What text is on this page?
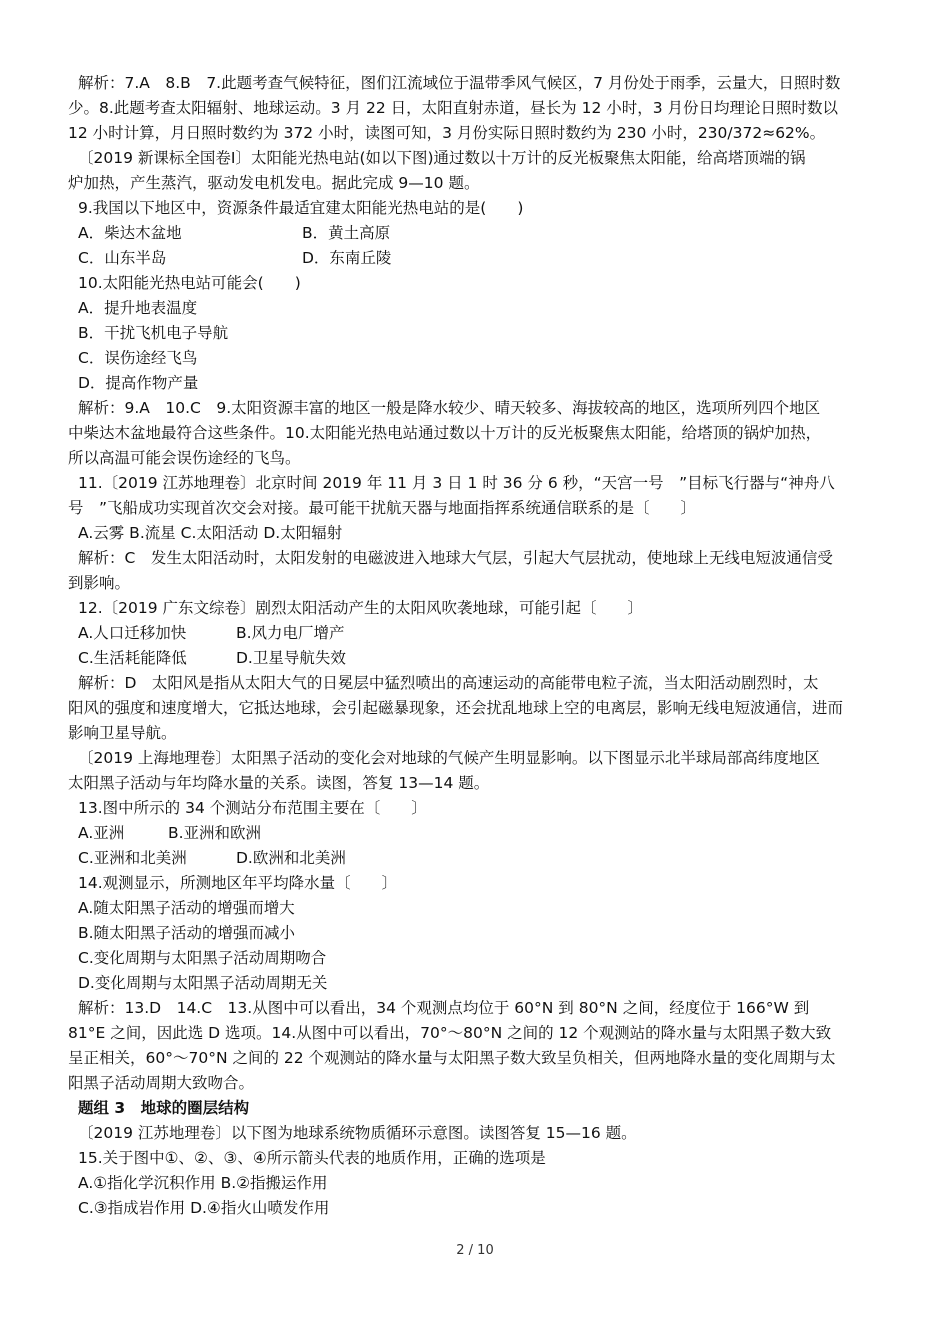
解析：7.A　8.B　7.此题考查气候特征，图们江流域位于温带季风气候区，7 月份处于雨季，云量大，日照时数
少。8.此题考查太阳辐射、地球运动。3 月 22 日，太阳直射赤道，昼长为 12 小时，3 月份日均理论日照时数以
12 小时计算，月日照时数约为 372 小时，读图可知，3 月份实际日照时数约为 230 小时，230/372≈62%。
〔2019 新课标全国卷Ⅰ〕太阳能光热电站(如以下图)通过数以十万计的反光板聚焦太阳能，给高塔顶端的锅
炉加热，产生蒸汽，驱动发电机发电。据此完成 9—10 题。
9.我国以下地区中，资源条件最适宜建太阳能光热电站的是(　　)
A．柴达木盆地	B．黄土高原
C．山东半岛	D．东南丘陵
10.太阳能光热电站可能会(　　)
A．提升地表温度
B．干扰飞机电子导航
C．误伤途经飞鸟
D．提高作物产量
解析：9.A　10.C　9.太阳资源丰富的地区一般是降水较少、晴天较多、海拔较高的地区，选项所列四个地区
中柴达木盆地最符合这些条件。10.太阳能光热电站通过数以十万计的反光板聚焦太阳能，给塔顶的锅炉加热，
所以高温可能会误伤途经的飞鸟。
11.〔2019 江苏地理卷〕北京时间 2019 年 11 月 3 日 1 时 36 分 6 秒，“天宫一号　”目标飞行器与“神舟八
号　”飞船成功实现首次交会对接。最可能干扰航天器与地面指挥系统通信联系的是〔　　〕
A.云雾 B.流星 C.太阳活动 D.太阳辐射
解析：C　发生太阳活动时，太阳发射的电磁波进入地球大气层，引起大气层扰动，使地球上无线电短波通信受
到影响。
12.〔2019 广东文综卷〕剧烈太阳活动产生的太阳风吹袭地球，可能引起〔　　〕
A.人口迁移加快	B.风力电厂增产
C.生活耗能降低	D.卫星导航失效
解析：D　太阳风是指从太阳大气的日冕层中猛烈喷出的高速运动的高能带电粒子流，当太阳活动剧烈时，太
阳风的强度和速度增大，它抵达地球，会引起磁暴现象，还会扰乱地球上空的电离层，影响无线电短波通信，进而
影响卫星导航。
〔2019 上海地理卷〕太阳黑子活动的变化会对地球的气候产生明显影响。以下图显示北半球局部高纬度地区
太阳黑子活动与年均降水量的关系。读图，答复 13—14 题。
13.图中所示的 34 个测站分布范围主要在〔　　〕
A.亚洲	B.亚洲和欧洲
C.亚洲和北美洲	D.欧洲和北美洲
14.观测显示，所测地区年平均降水量〔　　〕
A.随太阳黑子活动的增强而增大
B.随太阳黑子活动的增强而减小
C.变化周期与太阳黑子活动周期吻合
D.变化周期与太阳黑子活动周期无关
解析：13.D　14.C　13.从图中可以看出，34 个观测点均位于 60°N 到 80°N 之间，经度位于 166°W 到
81°E 之间，因此选 D 选项。14.从图中可以看出，70°～80°N 之间的 12 个观测站的降水量与太阳黑子数大致
呈正相关，60°～70°N 之间的 22 个观测站的降水量与太阳黑子数大致呈负相关，但两地降水量的变化周期与太
阳黑子活动周期大致吻合。
题组 3　地球的圈层结构
〔2019 江苏地理卷〕以下图为地球系统物质循环示意图。读图答复 15—16 题。
15.关于图中①、②、③、④所示箭头代表的地质作用，正确的选项是
A.①指化学沉积作用 B.②指搬运作用
C.③指成岩作用 D.④指火山喷发作用
2 / 10
